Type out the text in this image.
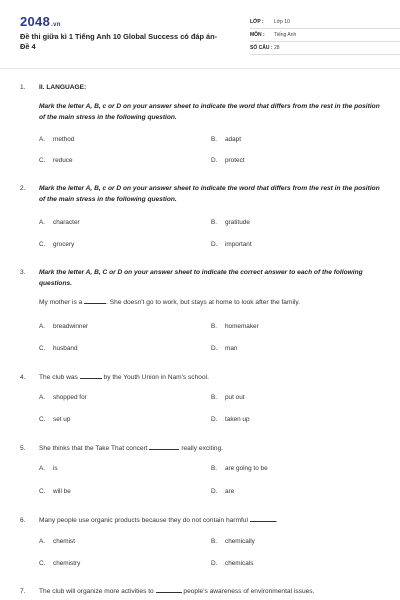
2048.vn
Đề thi giữa kì 1 Tiếng Anh 10 Global Success có đáp án- Đề 4
LỚP :	Lớp 10
MÔN :	Tiếng Anh
SỐ CÂU : 28
1.	II. LANGUAGE:
Mark the letter A, B, c or D on your answer sheet to indicate the word that differs from the rest in the position of the main stress in the following question.
A. method	B. adapt
C. reduce	D. protect
2.	Mark the letter A, B, c or D on your answer sheet to indicate the word that differs from the rest in the position of the main stress in the following question.
A. character	B. gratitude
C. grocery	D. important
3.	Mark the letter A, B, C or D on your answer sheet to indicate the correct answer to each of the following questions.
My mother is a	. She doesn't go to work, but stays at home to look after the family.
A. breadwinner	B. homemaker
C. husband	D. man
4.	The club was	by the Youth Union in Nam's school.
A. shopped for	B. put out
C. set up	D. taken up
5.	She thinks that the Take That concert	really exciting.
A. is	B. are going to be
C. will be	D. are
6.	Many people use organic products because they do not contain harmful	.
A. chemist	B. chemically
C. chemistry	D. chemicals
7.	The club will organize more activities to	people's awareness of environmental issues.
